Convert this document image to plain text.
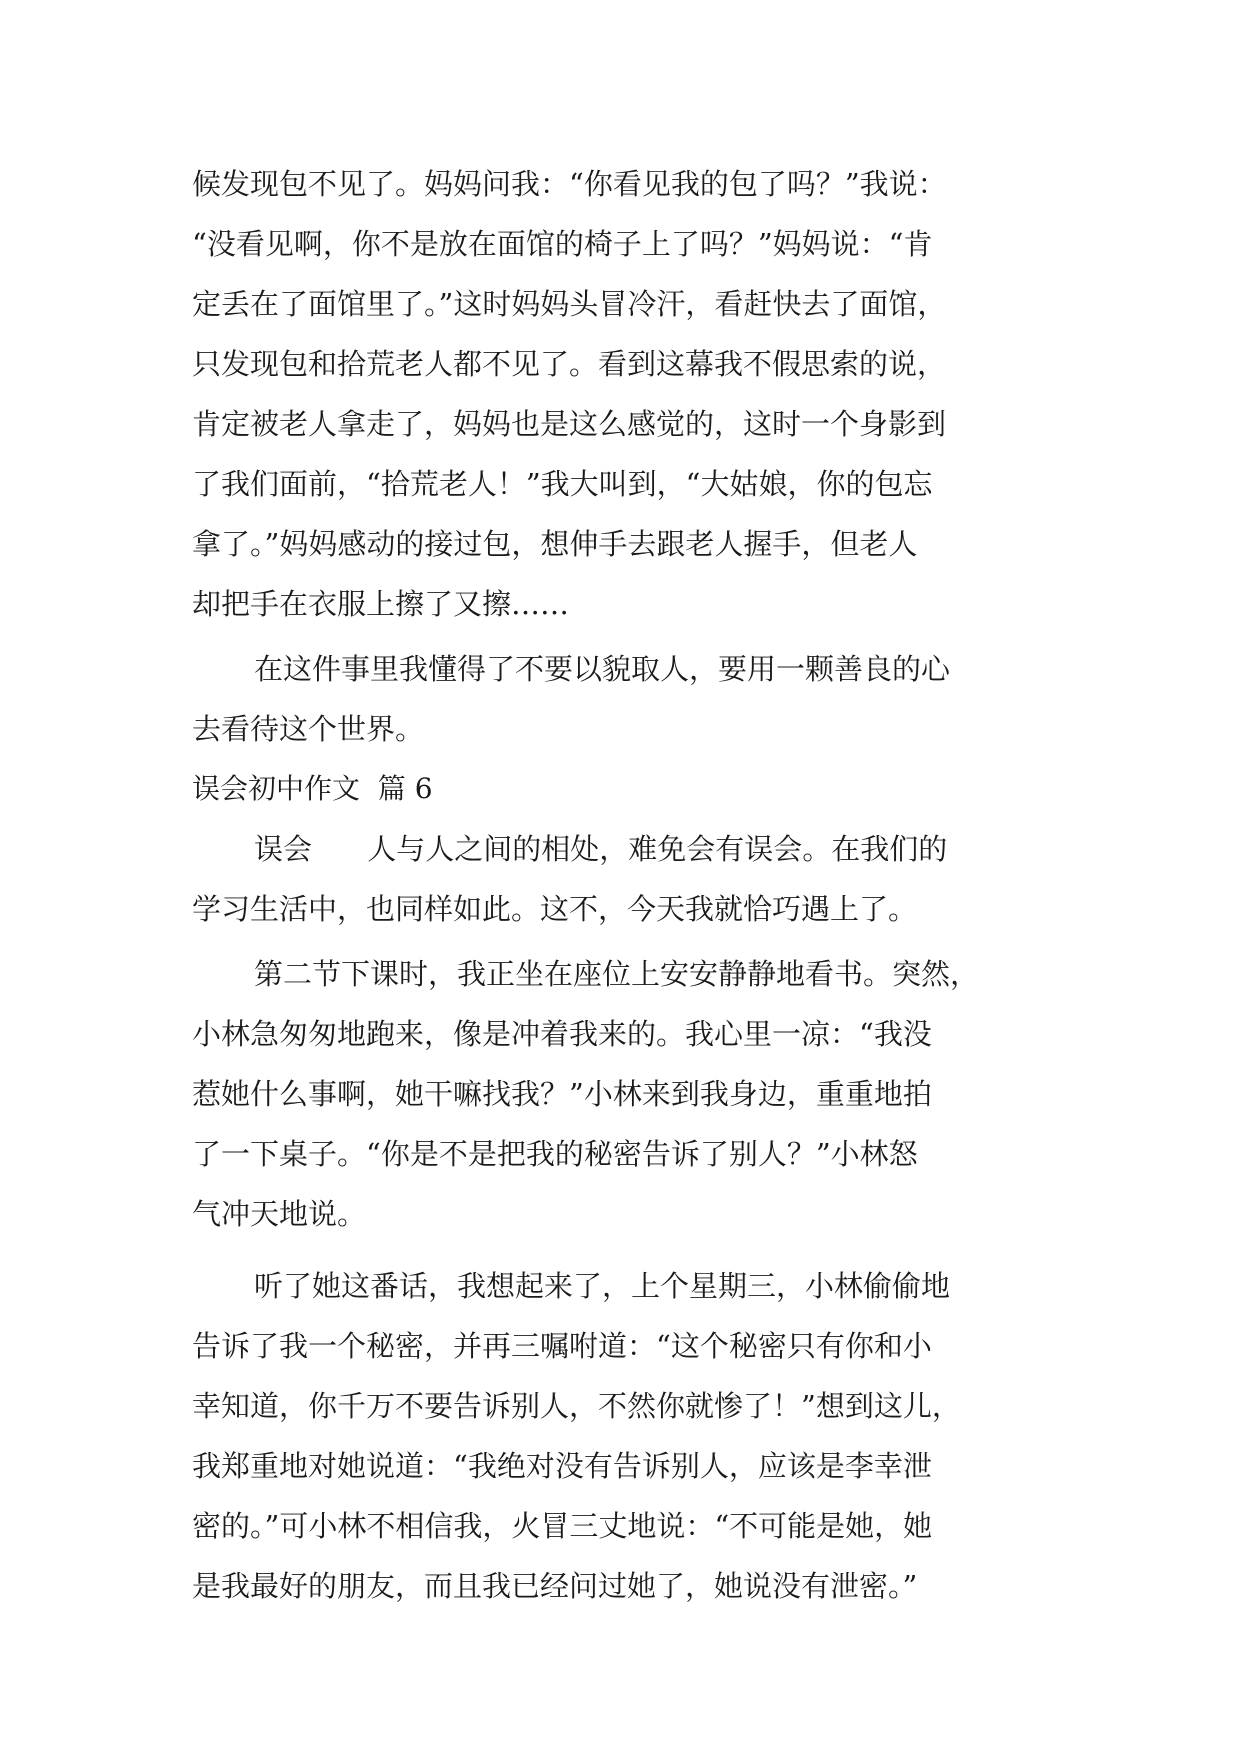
候发现包不见了。妈妈问我：“你看见我的包了吗？”我说：
“没看见啊，你不是放在面馆的椅子上了吗？”妈妈说：“肯
定丢在了面馆里了。”这时妈妈头冒冷汗，看赶快去了面馆，
只发现包和拾荒老人都不见了。看到这幕我不假思索的说，
肯定被老人拿走了，妈妈也是这么感觉的，这时一个身影到
了我们面前，“拾荒老人！”我大叫到，“大姑娘，你的包忘
拿了。”妈妈感动的接过包，想伸手去跟老人握手，但老人
却把手在衣服上擦了又擦……
在这件事里我懂得了不要以貌取人，要用一颗善良的心
去看待这个世界。
误会初中作文  篇 6
误会      人与人之间的相处，难免会有误会。在我们的
学习生活中，也同样如此。这不，今天我就恰巧遇上了。
第二节下课时，我正坐在座位上安安静静地看书。突然，
小林急匆匆地跑来，像是冲着我来的。我心里一凉：“我没
惹她什么事啊，她干嘛找我？”小林来到我身边，重重地拍
了一下桌子。“你是不是把我的秘密告诉了别人？”小林怒
气冲天地说。
听了她这番话，我想起来了，上个星期三，小林偷偷地
告诉了我一个秘密，并再三嘱咐道：“这个秘密只有你和小
幸知道，你千万不要告诉别人，不然你就惨了！”想到这儿，
我郑重地对她说道：“我绝对没有告诉别人，应该是李幸泄
密的。”可小林不相信我，火冒三丈地说：“不可能是她，她
是我最好的朋友，而且我已经问过她了，她说没有泄密。”
